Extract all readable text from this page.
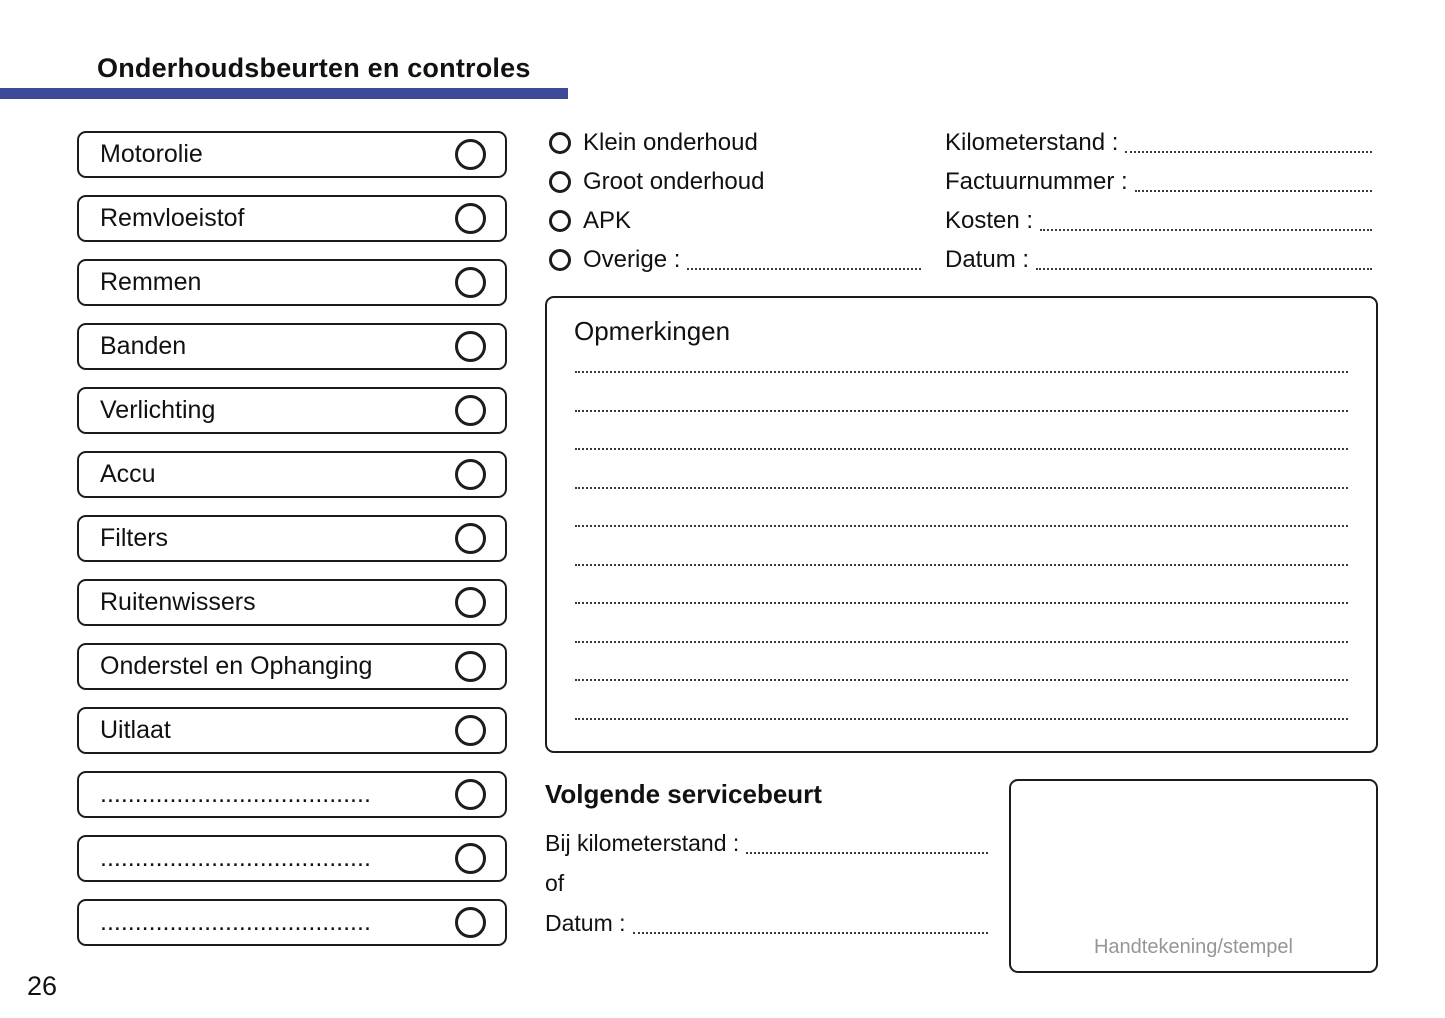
Onderhoudsbeurten en controles
Motorolie
Remvloeistof
Remmen
Banden
Verlichting
Accu
Filters
Ruitenwissers
Onderstel en Ophanging
Uitlaat
.......................................
.......................................
.......................................
Klein onderhoud
Groot onderhoud
APK
Overige :
Kilometerstand :
Factuurnummer :
Kosten :
Datum :
Opmerkingen
Volgende servicebeurt
Bij kilometerstand :
of
Datum :
Handtekening/stempel
26
